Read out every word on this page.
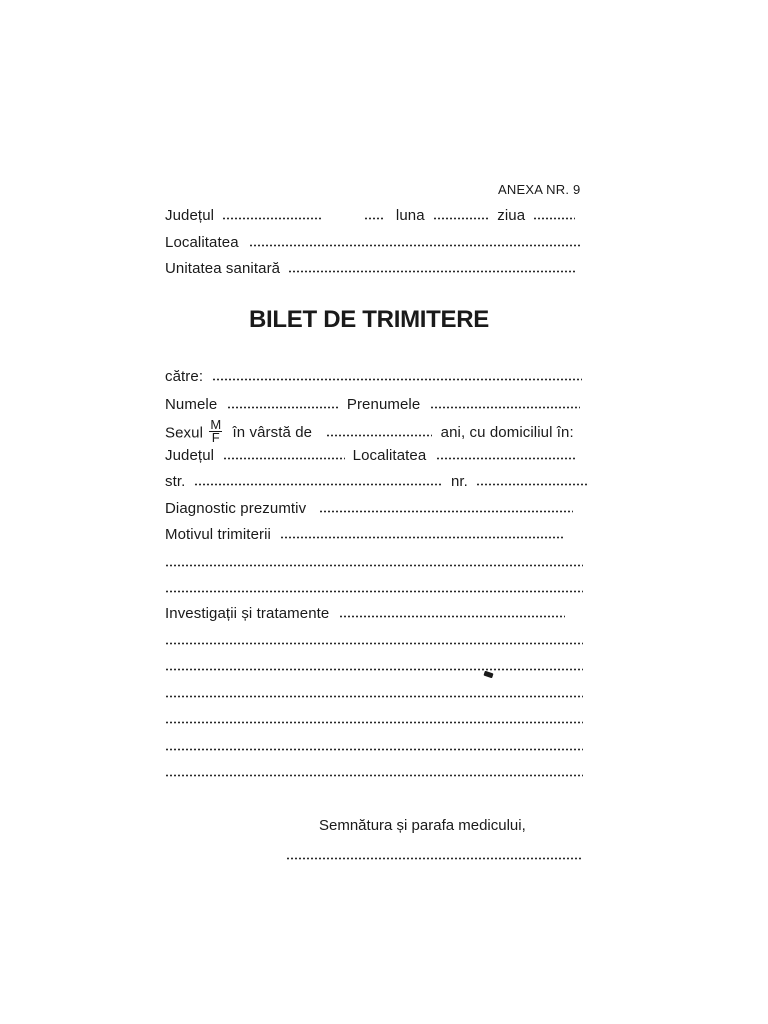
ANEXA NR. 9
Județul	luna	ziua
Localitatea
Unitatea sanitară
BILET DE TRIMITERE
către:
Numele	Prenumele
Sexul $\frac{M}{F}$ în vârstă de	ani, cu domiciliul în:
Județul	Localitatea
str.	nr.
Diagnostic prezumtiv
Motivul trimiterii
Investigații și tratamente
Semnătura și parafa medicului,
